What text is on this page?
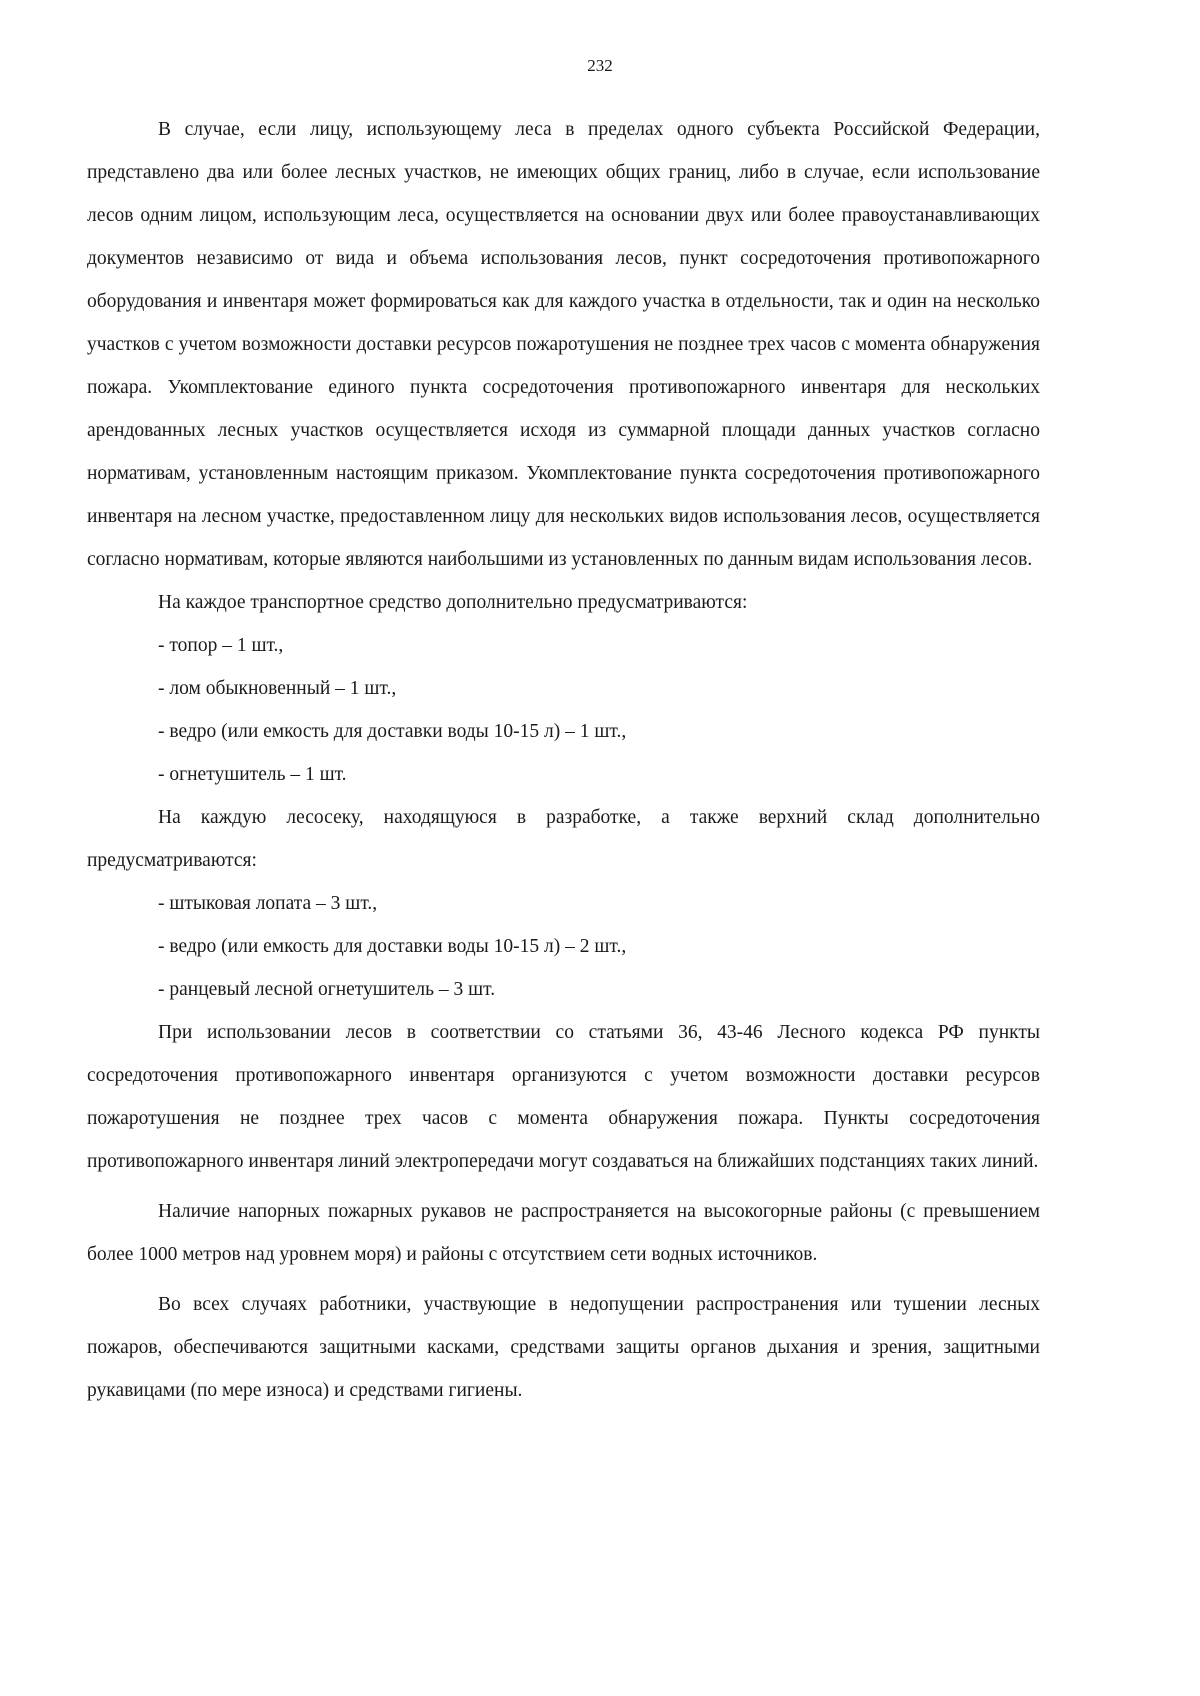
232

В случае, если лицу, использующему леса в пределах одного субъекта Российской Федерации, представлено два или более лесных участков, не имеющих общих границ, либо в случае, если использование лесов одним лицом, использующим леса, осуществляется на основании двух или более правоустанавливающих документов независимо от вида и объема использования лесов, пункт сосредоточения противопожарного оборудования и инвентаря может формироваться как для каждого участка в отдельности, так и один на несколько участков с учетом возможности доставки ресурсов пожаротушения не позднее трех часов с момента обнаружения пожара. Укомплектование единого пункта сосредоточения противопожарного инвентаря для нескольких арендованных лесных участков осуществляется исходя из суммарной площади данных участков согласно нормативам, установленным настоящим приказом. Укомплектование пункта сосредоточения противопожарного инвентаря на лесном участке, предоставленном лицу для нескольких видов использования лесов, осуществляется согласно нормативам, которые являются наибольшими из установленных по данным видам использования лесов.

На каждое транспортное средство дополнительно предусматриваются:

- топор – 1 шт.,

- лом обыкновенный – 1 шт.,

- ведро (или емкость для доставки воды 10-15 л) – 1 шт.,

- огнетушитель – 1 шт.

На каждую лесосеку, находящуюся в разработке, а также верхний склад дополнительно предусматриваются:

- штыковая лопата – 3 шт.,

- ведро (или емкость для доставки воды 10-15 л) – 2 шт.,

- ранцевый лесной огнетушитель – 3 шт.

При использовании лесов в соответствии со статьями 36, 43-46 Лесного кодекса РФ пункты сосредоточения противопожарного инвентаря организуются с учетом возможности доставки ресурсов пожаротушения не позднее трех часов с момента обнаружения пожара. Пункты сосредоточения противопожарного инвентаря линий электропередачи могут создаваться на ближайших подстанциях таких линий.

Наличие напорных пожарных рукавов не распространяется на высокогорные районы (с превышением более 1000 метров над уровнем моря) и районы с отсутствием сети водных источников.

Во всех случаях работники, участвующие в недопущении распространения или тушении лесных пожаров, обеспечиваются защитными касками, средствами защиты органов дыхания и зрения, защитными рукавицами (по мере износа) и средствами гигиены.
